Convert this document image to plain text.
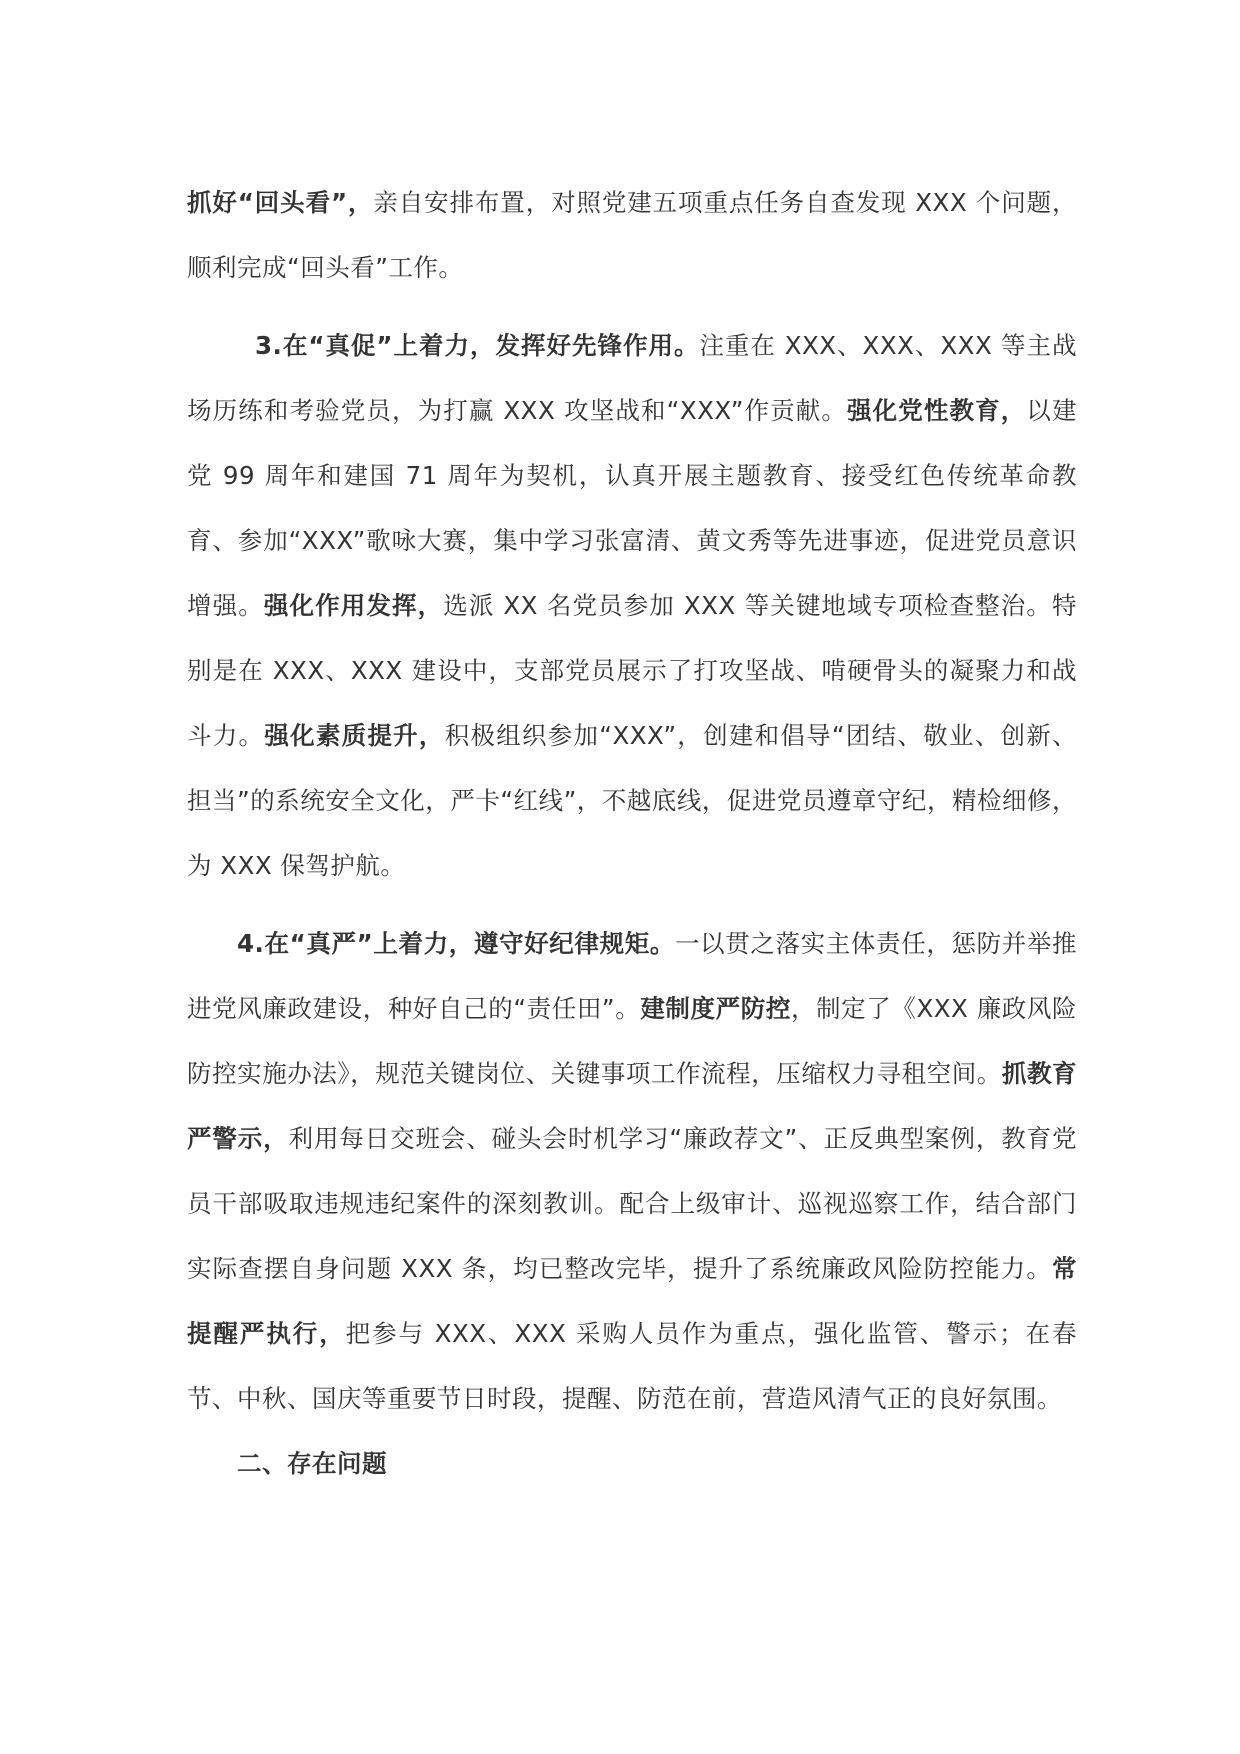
抓好“回头看”，亲自安排布置，对照党建五项重点任务自查发现 XXX 个问题，顺利完成“回头看”工作。

3.在“真促”上着力，发挥好先锋作用。注重在 XXX、XXX、XXX 等主战场历练和考验党员，为打赢 XXX 攻坚战和“XXX”作贡献。强化党性教育，以建党 99 周年和建国 71 周年为契机，认真开展主题教育、接受红色传统革命教育、参加“XXX”歌咏大赛，集中学习张富清、黄文秀等先进事迹，促进党员意识增强。强化作用发挥，选派 XX 名党员参加 XXX 等关键地域专项检查整治。特别是在 XXX、XXX 建设中，支部党员展示了打攻坚战、啃硬骨头的凝聚力和战斗力。强化素质提升，积极组织参加“XXX”，创建和倡导“团结、敬业、创新、担当”的系统安全文化，严卡“红线”，不越底线，促进党员遵章守纪，精检细修，为 XXX 保驾护航。

4.在“真严”上着力，遵守好纪律规矩。一以贯之落实主体责任，惩防并举推进党风廉政建设，种好自己的“责任田”。建制度严防控，制定了《XXX 廉政风险防控实施办法》，规范关键岗位、关键事项工作流程，压缩权力寻租空间。抓教育严警示，利用每日交班会、碰头会时机学习“廉政荐文”、正反典型案例，教育党员干部吸取违规违纪案件的深刻教训。配合上级审计、巡视巡察工作，结合部门实际查摆自身问题 XXX 条，均已整改完毕，提升了系统廉政风险防控能力。常提醒严执行，把参与 XXX、XXX 采购人员作为重点，强化监管、警示；在春节、中秋、国庆等重要节日时段，提醒、防范在前，营造风清气正的良好氛围。

二、存在问题
